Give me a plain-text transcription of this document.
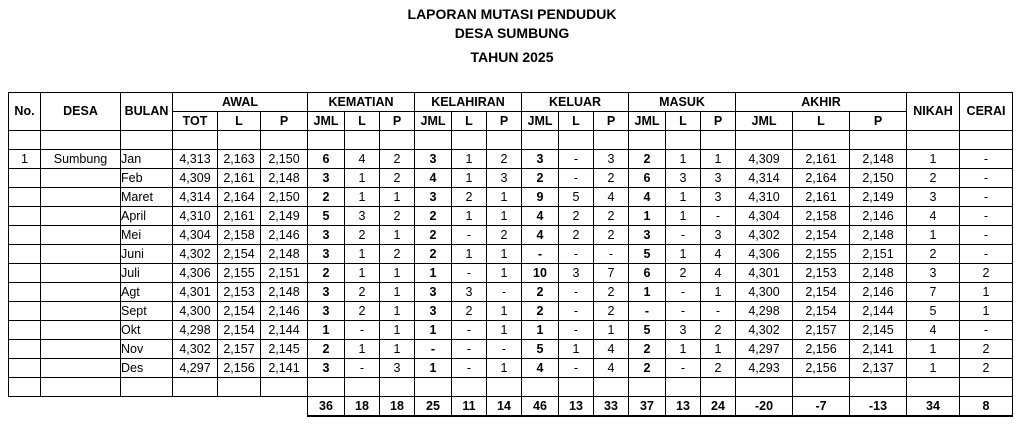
LAPORAN MUTASI PENDUDUK
DESA SUMBUNG
TAHUN 2025
No.	DESA	BULAN	AWAL			KEMATIAN			KELAHIRAN			KELUAR			MASUK			AKHIR			NIKAH	CERAI
			TOT	L	P	JML	L	P	JML	L	P	JML	L	P	JML	L	P	JML	L	P		

1	Sumbung	Jan	4,313	2,163	2,150	6	4	2	3	1	2	3	-	3	2	1	1	4,309	2,161	2,148	1	-
		Feb	4,309	2,161	2,148	3	1	2	4	1	3	2	-	2	6	3	3	4,314	2,164	2,150	2	-
		Maret	4,314	2,164	2,150	2	1	1	3	2	1	9	5	4	4	1	3	4,310	2,161	2,149	3	-
		April	4,310	2,161	2,149	5	3	2	2	1	1	4	2	2	1	1	-	4,304	2,158	2,146	4	-
		Mei	4,304	2,158	2,146	3	2	1	2	-	2	4	2	2	3	-	3	4,302	2,154	2,148	1	-
		Juni	4,302	2,154	2,148	3	1	2	2	1	1	-	-	-	5	1	4	4,306	2,155	2,151	2	-
		Juli	4,306	2,155	2,151	2	1	1	1	-	1	10	3	7	6	2	4	4,301	2,153	2,148	3	2
		Agt	4,301	2,153	2,148	3	2	1	3	3	-	2	-	2	1	-	1	4,300	2,154	2,146	7	1
		Sept	4,300	2,154	2,146	3	2	1	3	2	1	2	-	2	-	-	-	4,298	2,154	2,144	5	1
		Okt	4,298	2,154	2,144	1	-	1	1	-	1	1	-	1	5	3	2	4,302	2,157	2,145	4	-
		Nov	4,302	2,157	2,145	2	1	1	-	-	-	5	1	4	2	1	1	4,297	2,156	2,141	1	2
		Des	4,297	2,156	2,141	3	-	3	1	-	1	4	-	4	2	-	2	4,293	2,156	2,137	1	2

						36	18	18	25	11	14	46	13	33	37	13	24	-20	-7	-13	34	8
